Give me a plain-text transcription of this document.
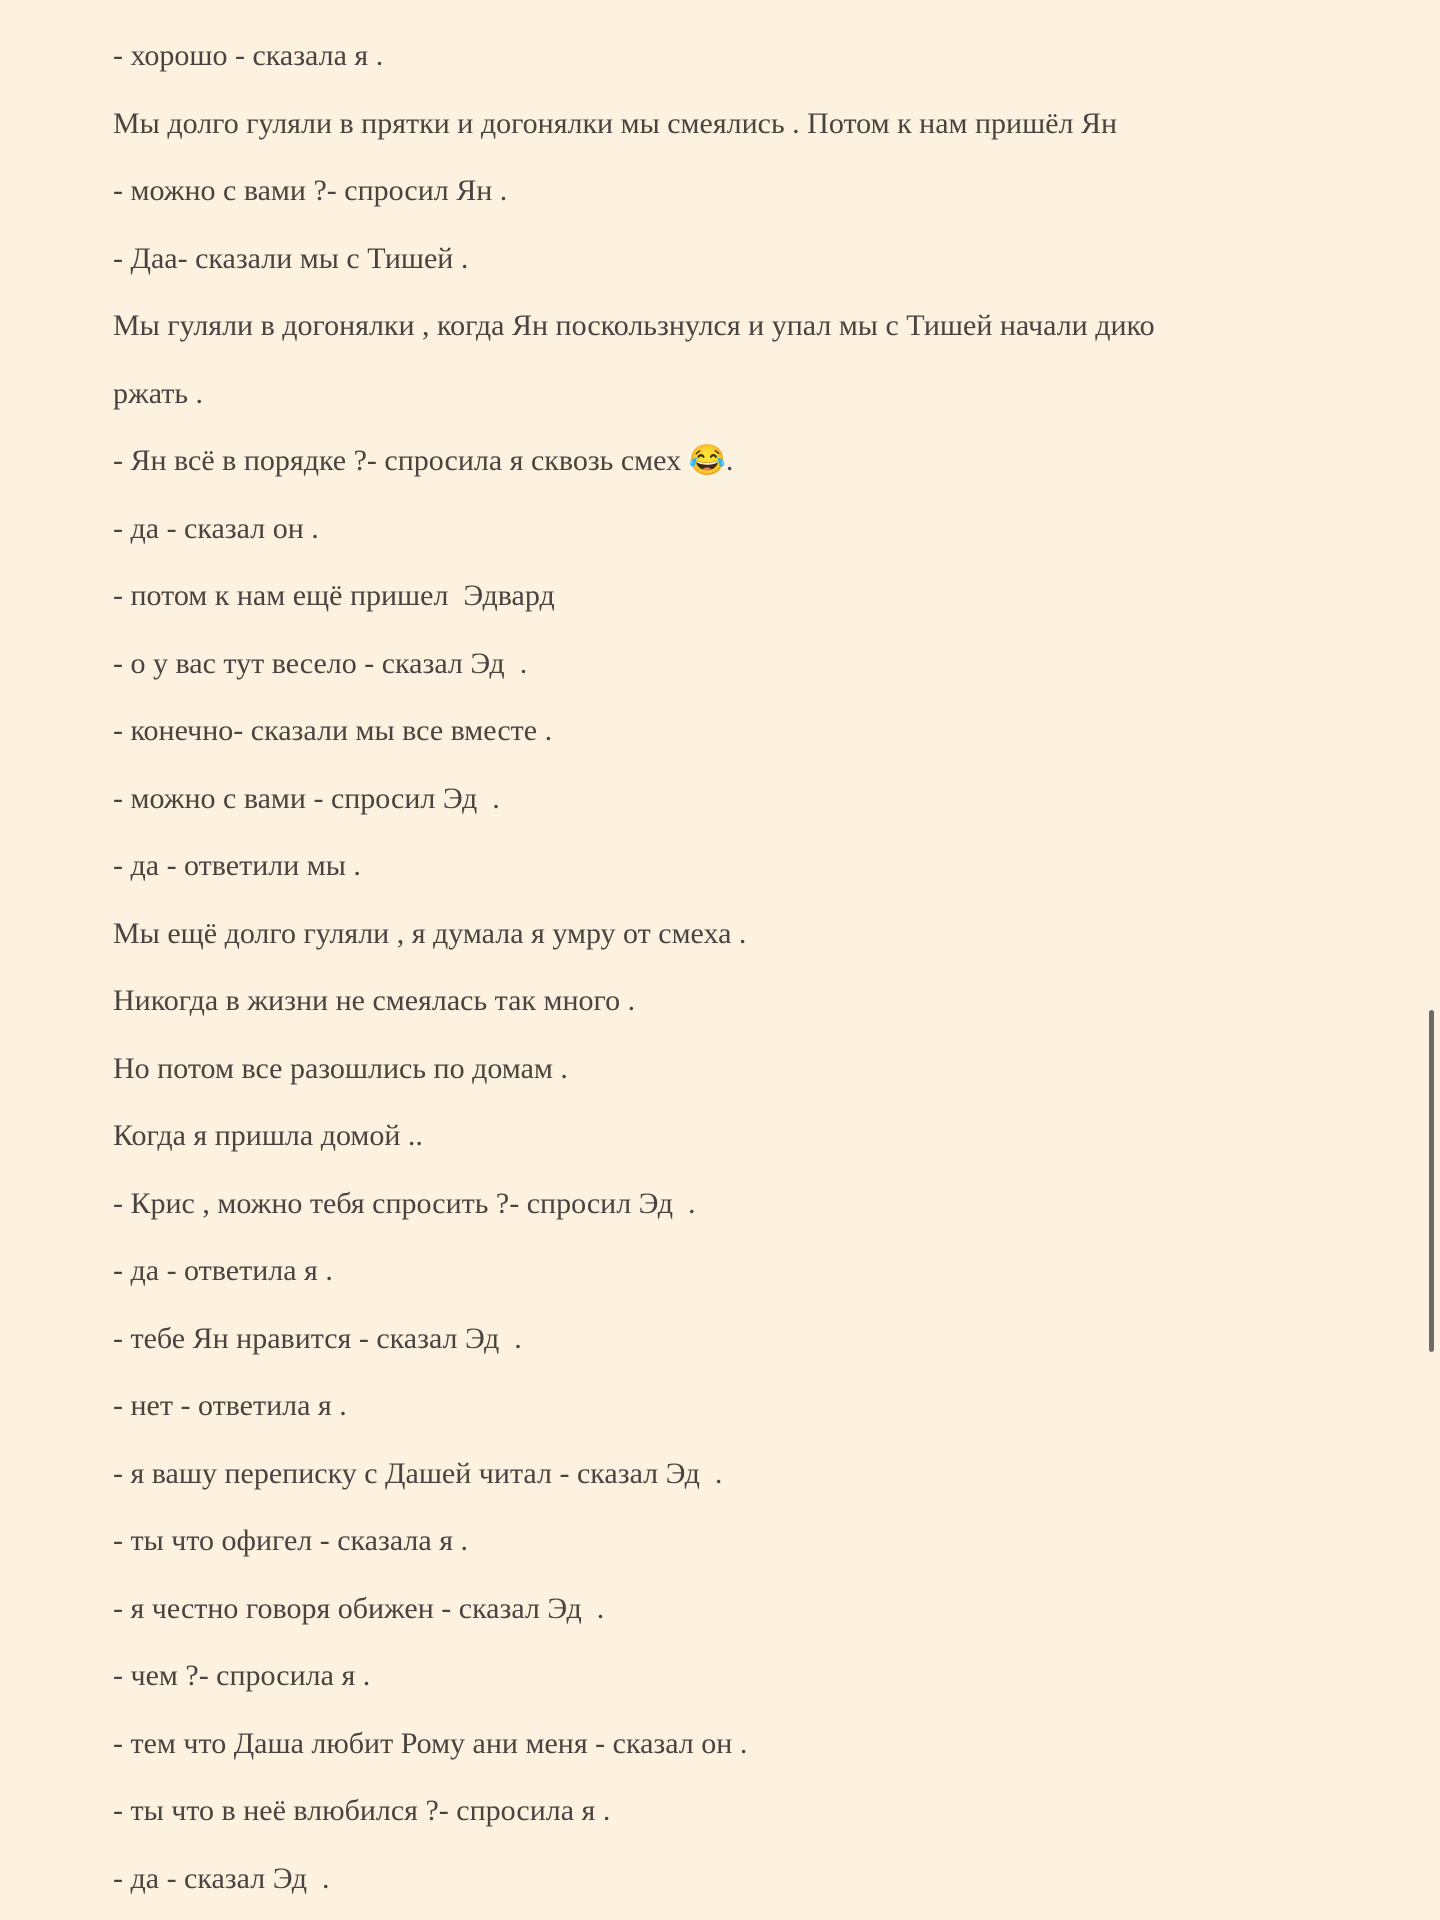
- хорошо - сказала я .
Мы долго гуляли в прятки и догонялки мы смеялись . Потом к нам пришёл Ян
- можно с вами ?- спросил Ян .
- Даа- сказали мы с Тишей .
Мы гуляли в догонялки , когда Ян поскользнулся и упал мы с Тишей начали дико
ржать .
- Ян всё в порядке ?- спросила я сквозь смех 😂.
- да - сказал он .
- потом к нам ещё пришел  Эдвард
- о у вас тут весело - сказал Эд  .
- конечно- сказали мы все вместе .
- можно с вами - спросил Эд  .
- да - ответили мы .
Мы ещё долго гуляли , я думала я умру от смеха .
Никогда в жизни не смеялась так много .
Но потом все разошлись по домам .
Когда я пришла домой ..
- Крис , можно тебя спросить ?- спросил Эд  .
- да - ответила я .
- тебе Ян нравится - сказал Эд  .
- нет - ответила я .
- я вашу переписку с Дашей читал - сказал Эд  .
- ты что офигел - сказала я .
- я честно говоря обижен - сказал Эд  .
- чем ?- спросила я .
- тем что Даша любит Рому ани меня - сказал он .
- ты что в неё влюбился ?- спросила я .
- да - сказал Эд  .
